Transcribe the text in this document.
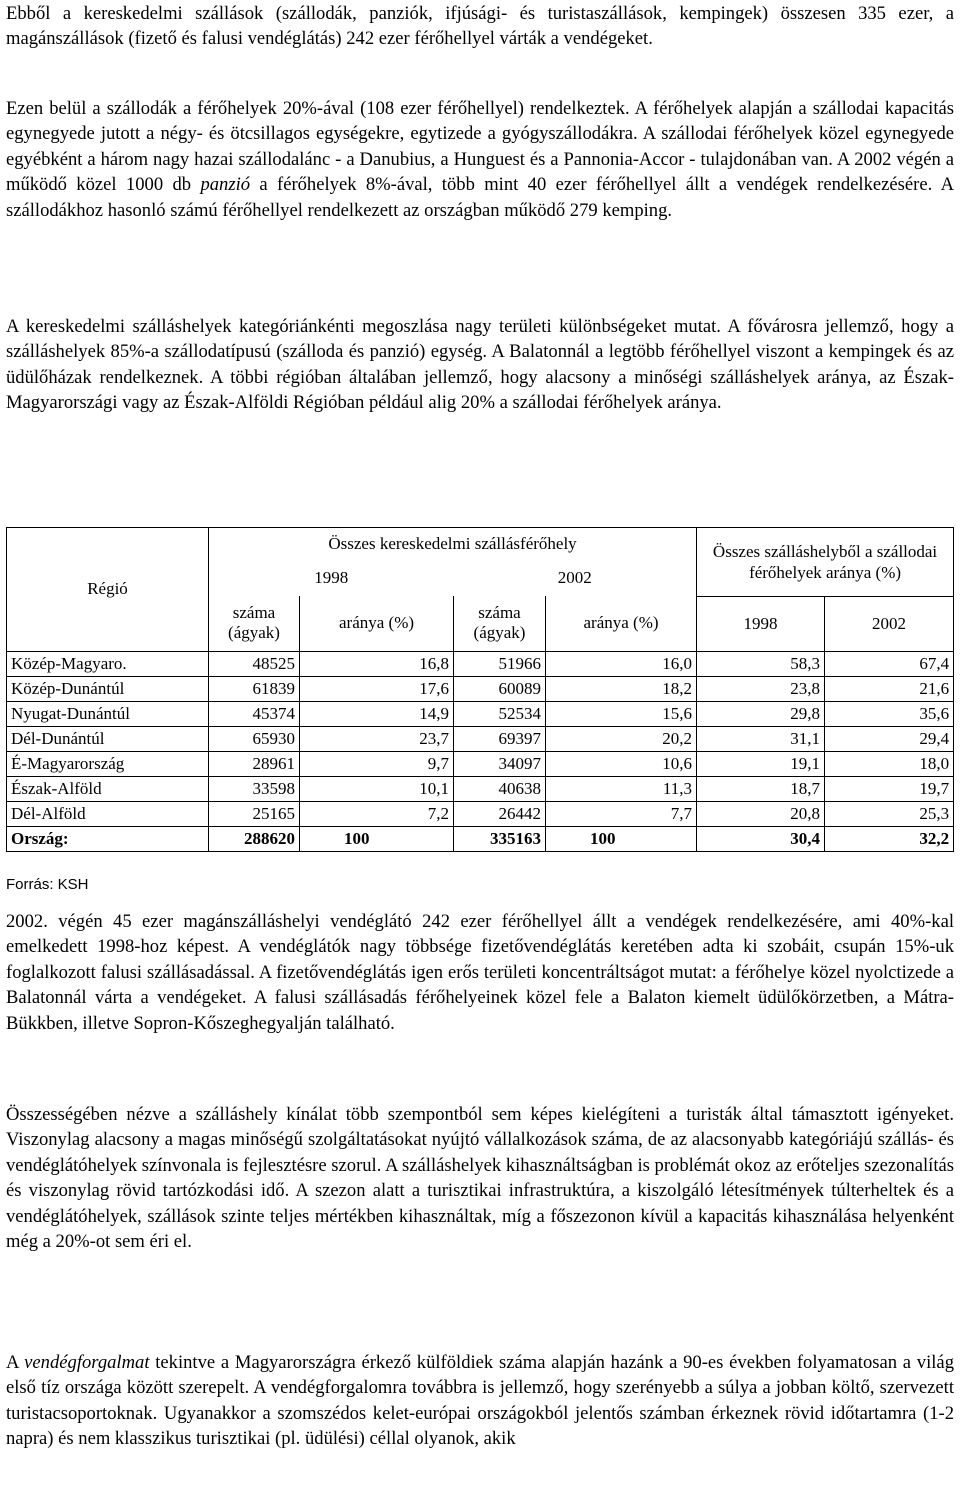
Ebből a kereskedelmi szállások (szállodák, panziók, ifjúsági- és turistaszállások, kempingek) összesen 335 ezer, a magánszállások (fizető és falusi vendéglátás) 242 ezer férőhellyel várták a vendégeket.

Ezen belül a szállodák a férőhelyek 20%-ával (108 ezer férőhellyel) rendelkeztek. A férőhelyek alapján a szállodai kapacitás egynegyede jutott a négy- és ötcsillagos egységekre, egytizede a gyógyszállodákra. A szállodai férőhelyek közel egynegyede egyébként a három nagy hazai szállodalánc - a Danubius, a Hunguest és a Pannonia-Accor - tulajdonában van. A 2002 végén a működő közel 1000 db panzió a férőhelyek 8%-ával, több mint 40 ezer férőhellyel állt a vendégek rendelkezésére. A szállodákhoz hasonló számú férőhellyel rendelkezett az országban működő 279 kemping.

A kereskedelmi szálláshelyek kategóriánkénti megoszlása nagy területi különbségeket mutat. A fővárosra jellemző, hogy a szálláshelyek 85%-a szállodatípusú (szálloda és panzió) egység. A Balatonnál a legtöbb férőhellyel viszont a kempingek és az üdülőházak rendelkeznek. A többi régióban általában jellemző, hogy alacsony a minőségi szálláshelyek aránya, az Észak-Magyarországi vagy az Észak-Alföldi Régióban például alig 20% a szállodai férőhelyek aránya.

Régió	Összes kereskedelmi szállásférőhely				Összes szálláshelyből a szállodai férőhelyek aránya (%)	
	1998		2002			
	száma (ágyak)	aránya (%)	száma (ágyak)	aránya (%)	1998	2002
Közép-Magyaro.	48525	16,8	51966	16,0	58,3	67,4
Közép-Dunántúl	61839	17,6	60089	18,2	23,8	21,6
Nyugat-Dunántúl	45374	14,9	52534	15,6	29,8	35,6
Dél-Dunántúl	65930	23,7	69397	20,2	31,1	29,4
É-Magyarország	28961	9,7	34097	10,6	19,1	18,0
Észak-Alföld	33598	10,1	40638	11,3	18,7	19,7
Dél-Alföld	25165	7,2	26442	7,7	20,8	25,3
Ország:	288620	100	335163	100	30,4	32,2
Forrás: KSH

2002. végén 45 ezer magánszálláshelyi vendéglátó 242 ezer férőhellyel állt a vendégek rendelkezésére, ami 40%-kal emelkedett 1998-hoz képest. A vendéglátók nagy többsége fizetővendéglátás keretében adta ki szobáit, csupán 15%-uk foglalkozott falusi szállásadással. A fizetővendéglátás igen erős területi koncentráltságot mutat: a férőhelye közel nyolctizede a Balatonnál várta a vendégeket. A falusi szállásadás férőhelyeinek közel fele a Balaton kiemelt üdülőkörzetben, a Mátra-Bükkben, illetve Sopron-Kőszeghegyalján található.

Összességében nézve a szálláshely kínálat több szempontból sem képes kielégíteni a turisták által támasztott igényeket. Viszonylag alacsony a magas minőségű szolgáltatásokat nyújtó vállalkozások száma, de az alacsonyabb kategóriájú szállás- és vendéglátóhelyek színvonala is fejlesztésre szorul. A szálláshelyek kihasználtságban is problémát okoz az erőteljes szezonalítás és viszonylag rövid tartózkodási idő. A szezon alatt a turisztikai infrastruktúra, a kiszolgáló létesítmények túlterheltek és a vendéglátóhelyek, szállások szinte teljes mértékben kihasználtak, míg a főszezonon kívül a kapacitás kihasználása helyenként még a 20%-ot sem éri el.

A vendégforgalmat tekintve a Magyarországra érkező külföldiek száma alapján hazánk a 90-es években folyamatosan a világ első tíz országa között szerepelt. A vendégforgalomra továbbra is jellemző, hogy szerényebb a súlya a jobban költő, szervezett turistacsoportoknak. Ugyanakkor a szomszédos kelet-európai országokból jelentős számban érkeznek rövid időtartamra (1-2 napra) és nem klasszikus turisztikai (pl. üdülési) céllal olyanok, akik
